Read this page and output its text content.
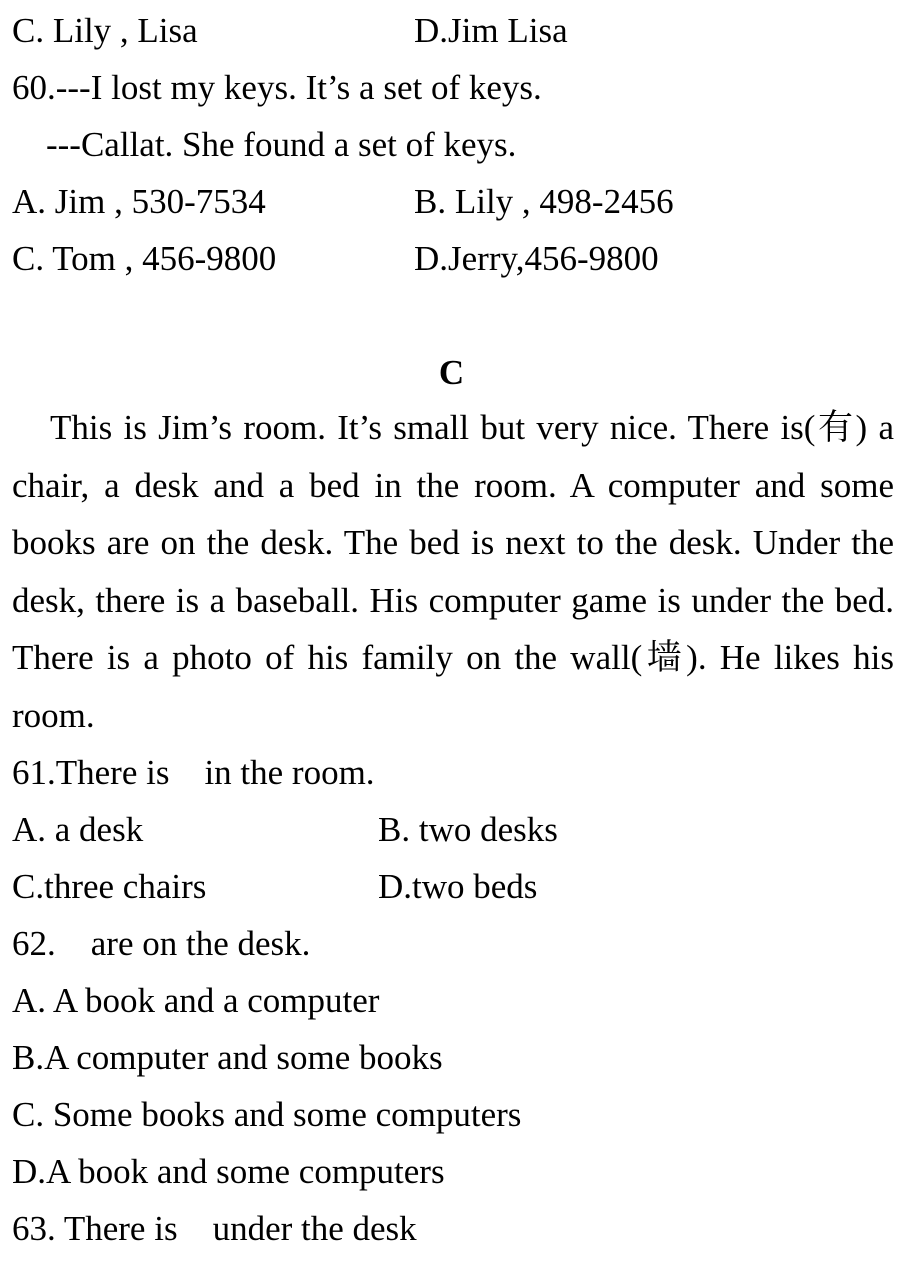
C. Lily , Lisa	D.Jim Lisa
60.---I lost my keys. It’s a set of keys.
---Callat. She found a set of keys.
A. Jim , 530-7534	B. Lily , 498-2456
C. Tom , 456-9800	D.Jerry,456-9800
C
This is Jim’s room. It’s small but very nice. There is(有) a chair, a desk and a bed in the room. A computer and some books are on the desk. The bed is next to the desk. Under the desk, there is a baseball. His computer game is under the bed. There is a photo of his family on the wall(墙). He likes his room.
61.There is    in the room.
A. a desk	B. two desks
C.three chairs	D.two beds
62.    are on the desk.
A. A book and a computer
B.A computer and some books
C. Some books and some computers
D.A book and some computers
63. There is    under the desk
